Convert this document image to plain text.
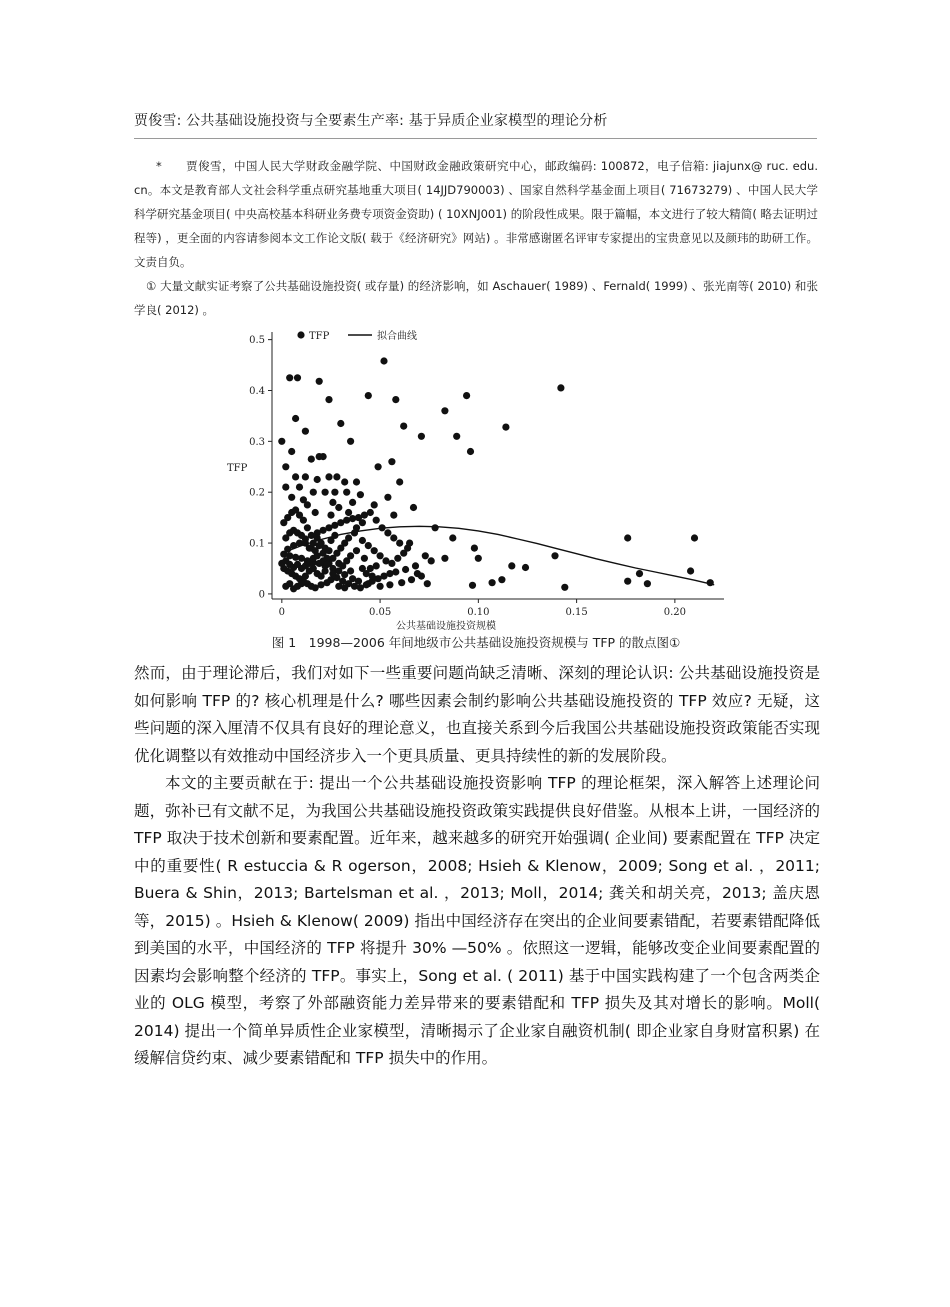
贾俊雪: 公共基础设施投资与全要素生产率: 基于异质企业家模型的理论分析

*　　贾俊雪，中国人民大学财政金融学院、中国财政金融政策研究中心，邮政编码: 100872，电子信箱: jiajunx@ ruc. edu. cn。本文是教育部人文社会科学重点研究基地重大项目( 14JJD790003) 、国家自然科学基金面上项目( 71673279) 、中国人民大学科学研究基金项目( 中央高校基本科研业务费专项资金资助) ( 10XNJ001) 的阶段性成果。限于篇幅，本文进行了较大精简( 略去证明过程等) ，更全面的内容请参阅本文工作论文版( 载于《经济研究》网站) 。非常感谢匿名评审专家提出的宝贵意见以及颜玮的助研工作。文责自负。

① 大量文献实证考察了公共基础设施投资( 或存量) 的经济影响，如 Aschauer( 1989) 、Fernald( 1999) 、张光南等( 2010) 和张学良( 2012) 。

0
0.1
0.2
0.3
0.4
0.5
0	0.05	0.10	0.15	0.20
TFP
公共基础设施投资规模
TFP	拟合曲线
图 1　1998—2006 年间地级市公共基础设施投资规模与 TFP 的散点图①

然而，由于理论滞后，我们对如下一些重要问题尚缺乏清晰、深刻的理论认识: 公共基础设施投资是如何影响 TFP 的? 核心机理是什么? 哪些因素会制约影响公共基础设施投资的 TFP 效应? 无疑，这些问题的深入厘清不仅具有良好的理论意义，也直接关系到今后我国公共基础设施投资政策能否实现优化调整以有效推动中国经济步入一个更具质量、更具持续性的新的发展阶段。

本文的主要贡献在于: 提出一个公共基础设施投资影响 TFP 的理论框架，深入解答上述理论问题，弥补已有文献不足，为我国公共基础设施投资政策实践提供良好借鉴。从根本上讲，一国经济的 TFP 取决于技术创新和要素配置。近年来，越来越多的研究开始强调( 企业间) 要素配置在 TFP 决定中的重要性( R estuccia & R ogerson，2008; Hsieh & Klenow，2009; Song et al. ，2011; Buera & Shin，2013; Bartelsman et al. ，2013; Moll，2014; 龚关和胡关亮，2013; 盖庆恩等，2015) 。Hsieh & Klenow( 2009) 指出中国经济存在突出的企业间要素错配，若要素错配降低到美国的水平，中国经济的 TFP 将提升 30% —50% 。依照这一逻辑，能够改变企业间要素配置的因素均会影响整个经济的 TFP。事实上，Song et al. ( 2011) 基于中国实践构建了一个包含两类企业的 OLG 模型，考察了外部融资能力差异带来的要素错配和 TFP 损失及其对增长的影响。Moll( 2014) 提出一个简单异质性企业家模型，清晰揭示了企业家自融资机制( 即企业家自身财富积累) 在缓解信贷约束、减少要素错配和 TFP 损失中的作用。
